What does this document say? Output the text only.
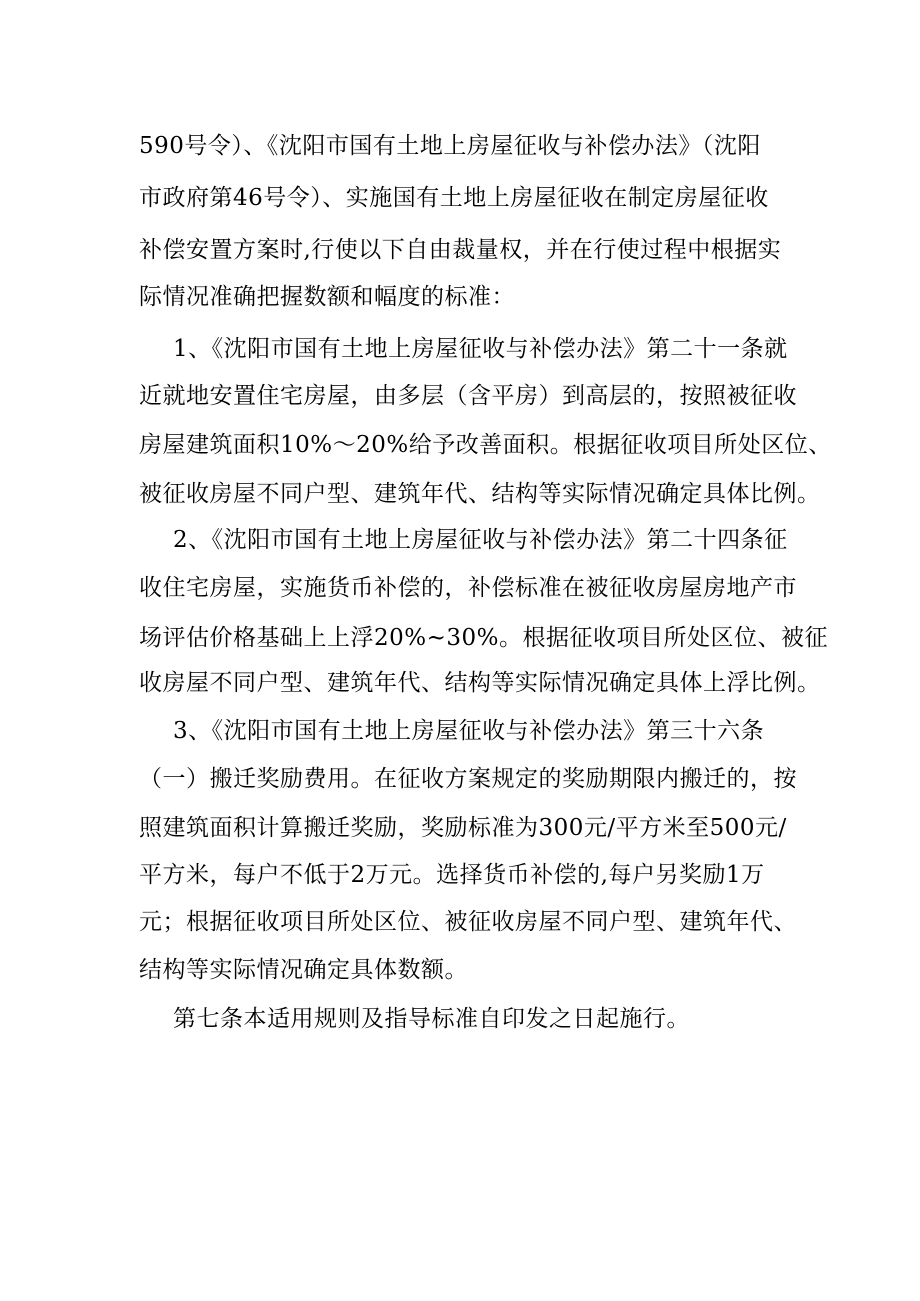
590号令）、《沈阳市国有土地上房屋征收与补偿办法》（沈阳
市政府第46号令）、实施国有土地上房屋征收在制定房屋征收
补偿安置方案时,行使以下自由裁量权，并在行使过程中根据实
际情况准确把握数额和幅度的标准：
1、《沈阳市国有土地上房屋征收与补偿办法》第二十一条就
近就地安置住宅房屋，由多层（含平房）到高层的，按照被征收
房屋建筑面积10%～20%给予改善面积。根据征收项目所处区位、
被征收房屋不同户型、建筑年代、结构等实际情况确定具体比例。
2、《沈阳市国有土地上房屋征收与补偿办法》第二十四条征
收住宅房屋，实施货币补偿的，补偿标准在被征收房屋房地产市
场评估价格基础上上浮20%~30%。根据征收项目所处区位、被征
收房屋不同户型、建筑年代、结构等实际情况确定具体上浮比例。
3、《沈阳市国有土地上房屋征收与补偿办法》第三十六条
（一）搬迁奖励费用。在征收方案规定的奖励期限内搬迁的，按
照建筑面积计算搬迁奖励，奖励标准为300元/平方米至500元/
平方米，每户不低于2万元。选择货币补偿的,每户另奖励1万
元；根据征收项目所处区位、被征收房屋不同户型、建筑年代、
结构等实际情况确定具体数额。
第七条本适用规则及指导标准自印发之日起施行。
